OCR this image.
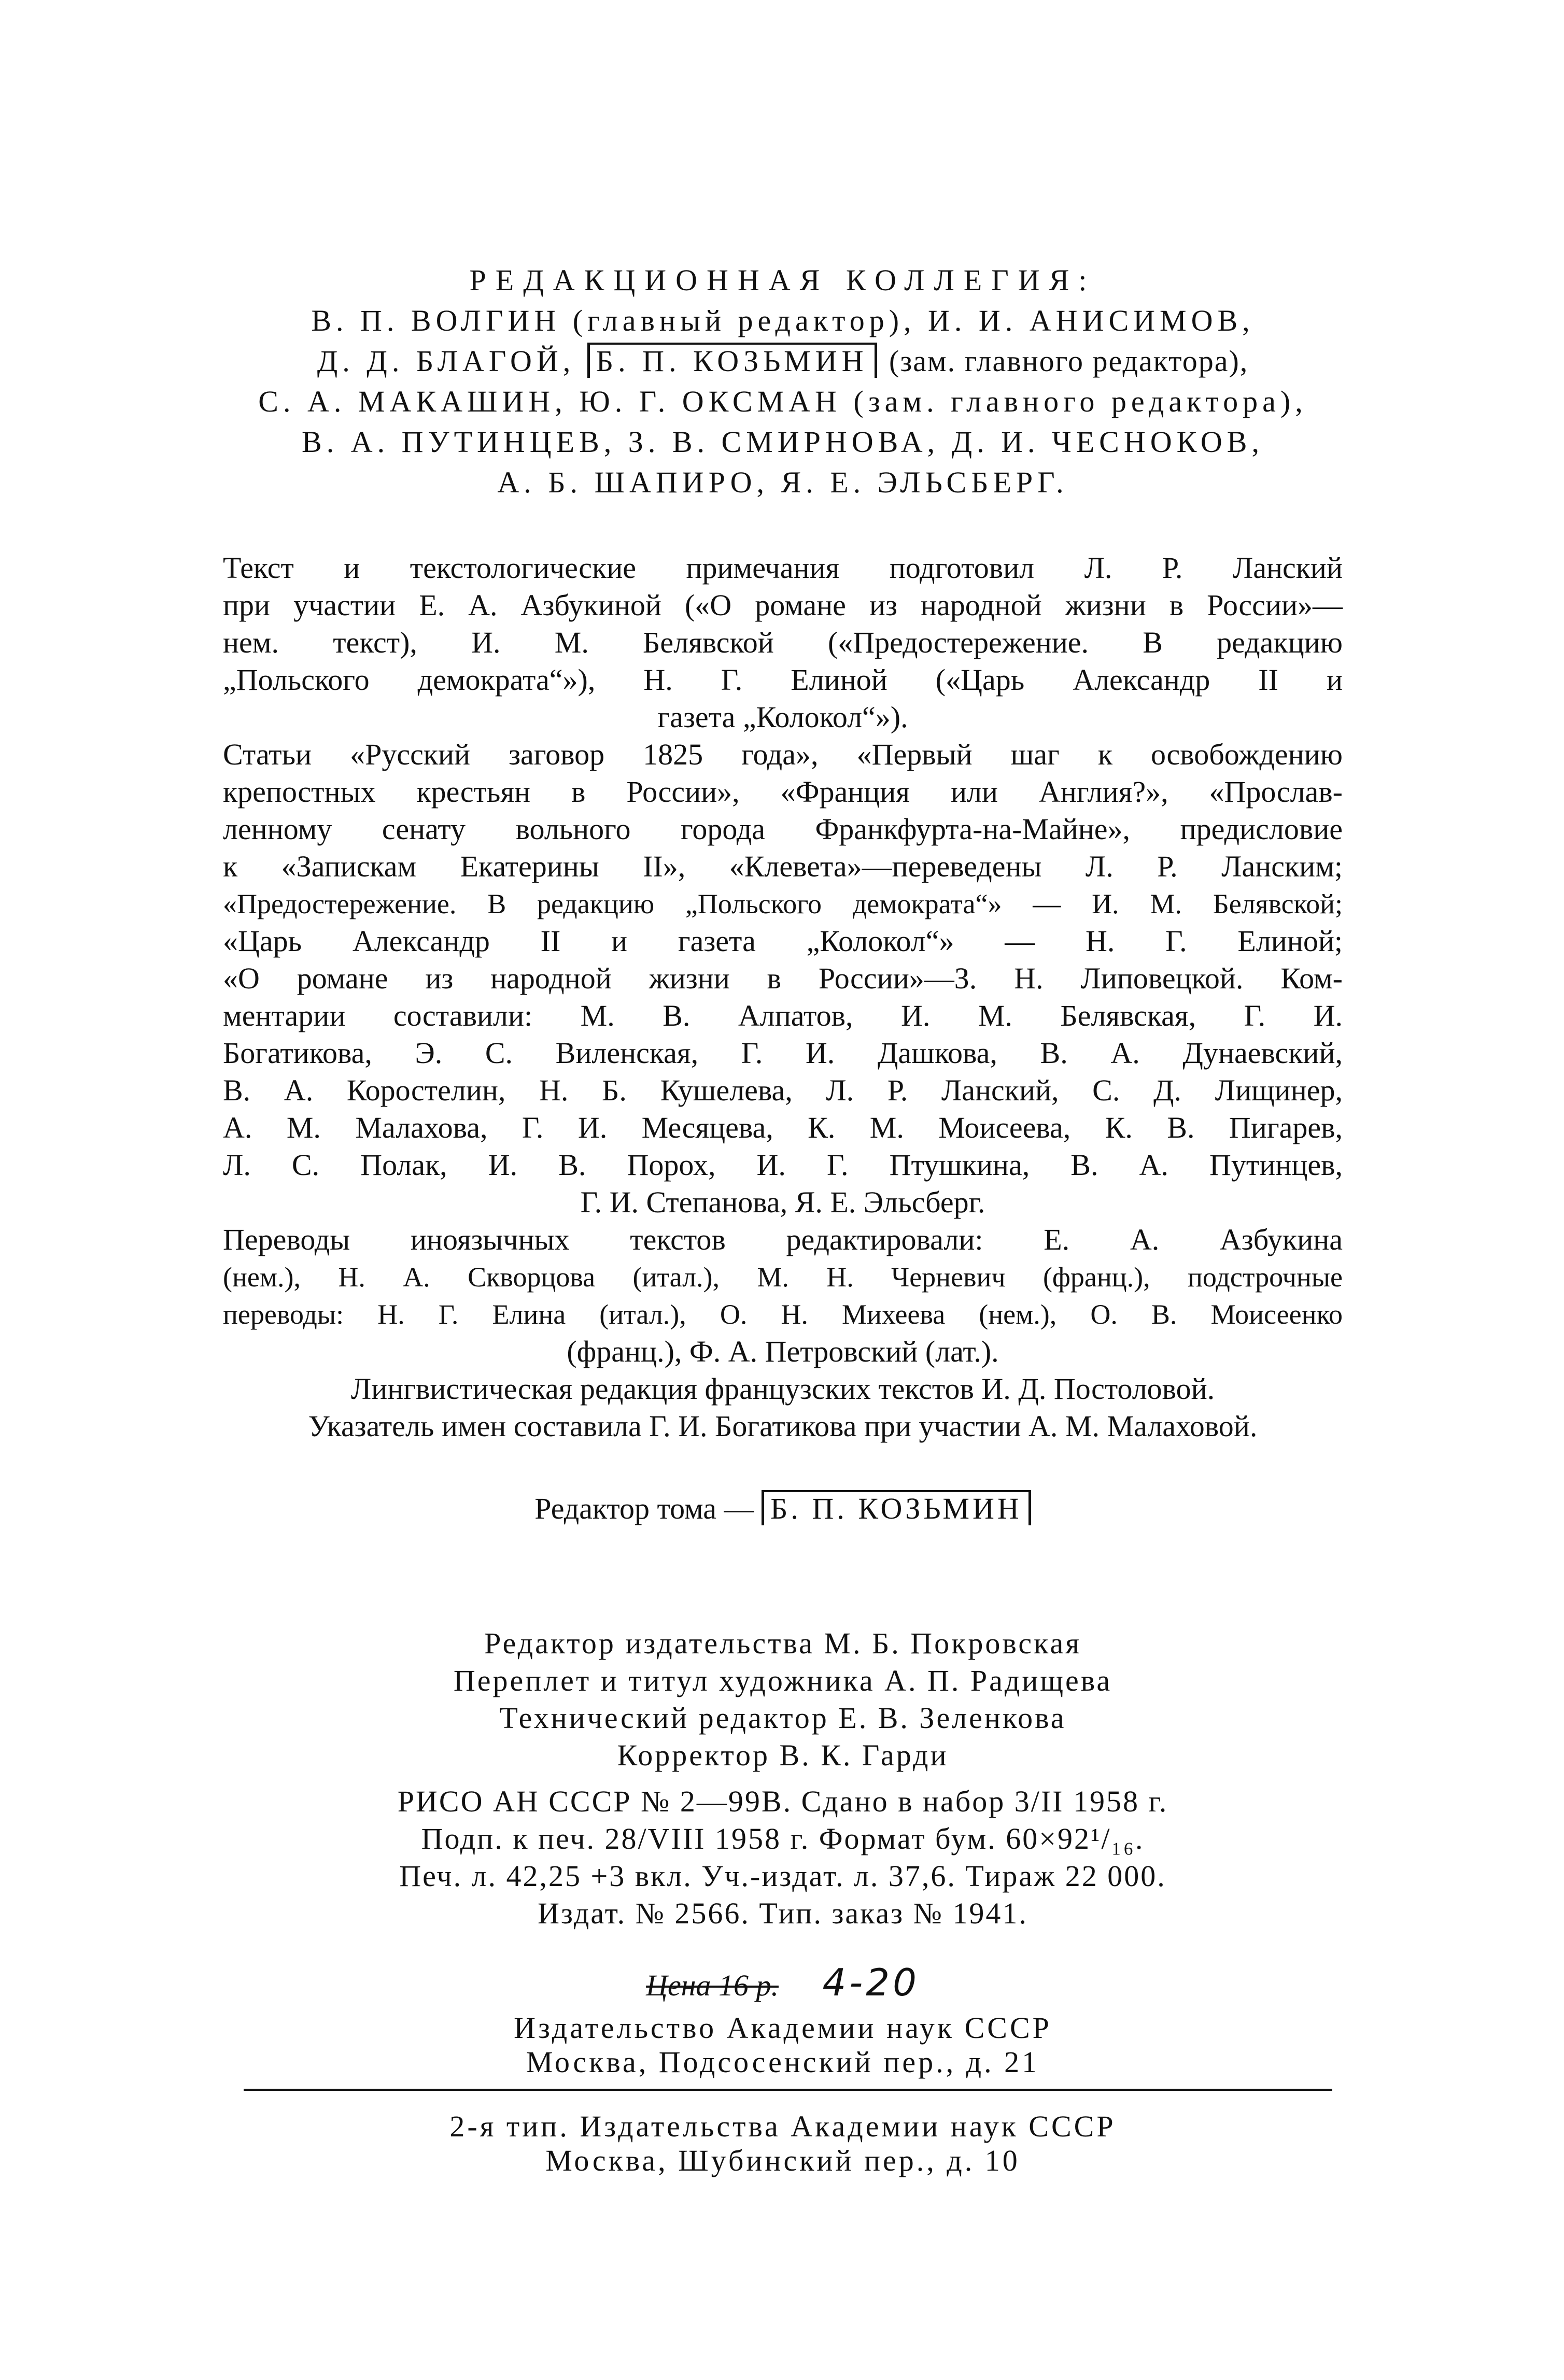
РЕДАКЦИОННАЯ КОЛЛЕГИЯ:
В. П. ВОЛГИН (главный редактор), И. И. АНИСИМОВ,
Д. Д. БЛАГОЙ, Б. П. КОЗЬМИН (зам. главного редактора),
С. А. МАКАШИН, Ю. Г. ОКСМАН (зам. главного редактора),
В. А. ПУТИНЦЕВ, З. В. СМИРНОВА, Д. И. ЧЕСНОКОВ,
А. Б. ШАПИРО, Я. Е. ЭЛЬСБЕРГ.
Текст и текстологические примечания подготовил Л. Р. Ланский
при участии Е. А. Азбукиной («О романе из народной жизни в России»—
нем. текст), И. М. Белявской («Предостережение. В редакцию
„Польского демократа“»), Н. Г. Елиной («Царь Александр II и
газета „Колокол“»).
Статьи «Русский заговор 1825 года», «Первый шаг к освобождению
крепостных крестьян в России», «Франция или Англия?», «Прослав-
ленному сенату вольного города Франкфурта-на-Майне», предисловие
к «Запискам Екатерины II», «Клевета»—переведены Л. Р. Ланским;
«Предостережение. В редакцию „Польского демократа“» — И. М. Белявской;
«Царь Александр II и газета „Колокол“» — Н. Г. Елиной;
«О романе из народной жизни в России»—З. Н. Липовецкой. Ком-
ментарии составили: М. В. Алпатов, И. М. Белявская, Г. И.
Богатикова, Э. С. Виленская, Г. И. Дашкова, В. А. Дунаевский,
В. А. Коростелин, Н. Б. Кушелева, Л. Р. Ланский, С. Д. Лищинер,
А. М. Малахова, Г. И. Месяцева, К. М. Моисеева, К. В. Пигарев,
Л. С. Полак, И. В. Порох, И. Г. Птушкина, В. А. Путинцев,
Г. И. Степанова, Я. Е. Эльсберг.
Переводы иноязычных текстов редактировали: Е. А. Азбукина
(нем.), Н. А. Скворцова (итал.), М. Н. Черневич (франц.), подстрочные
переводы: Н. Г. Елина (итал.), О. Н. Михеева (нем.), О. В. Моисеенко
(франц.), Ф. А. Петровский (лат.).
Лингвистическая редакция французских текстов И. Д. Постоловой.
Указатель имен составила Г. И. Богатикова при участии А. М. Малаховой.
Редактор тома — Б. П. КОЗЬМИН
Редактор издательства М. Б. Покровская
Переплет и титул художника А. П. Радищева
Технический редактор Е. В. Зеленкова
Корректор В. К. Гарди
РИСО АН СССР № 2—99В. Сдано в набор 3/II 1958 г.
Подп. к печ. 28/VIII 1958 г. Формат бум. 60×92¹/₁₆.
Печ. л. 42,25 +3 вкл. Уч.-издат. л. 37,6. Тираж 22 000.
Издат. № 2566. Тип. заказ № 1941.
Цена 16 р. 4-20
Издательство Академии наук СССР
Москва, Подсосенский пер., д. 21
2-я тип. Издательства Академии наук СССР
Москва, Шубинский пер., д. 10
